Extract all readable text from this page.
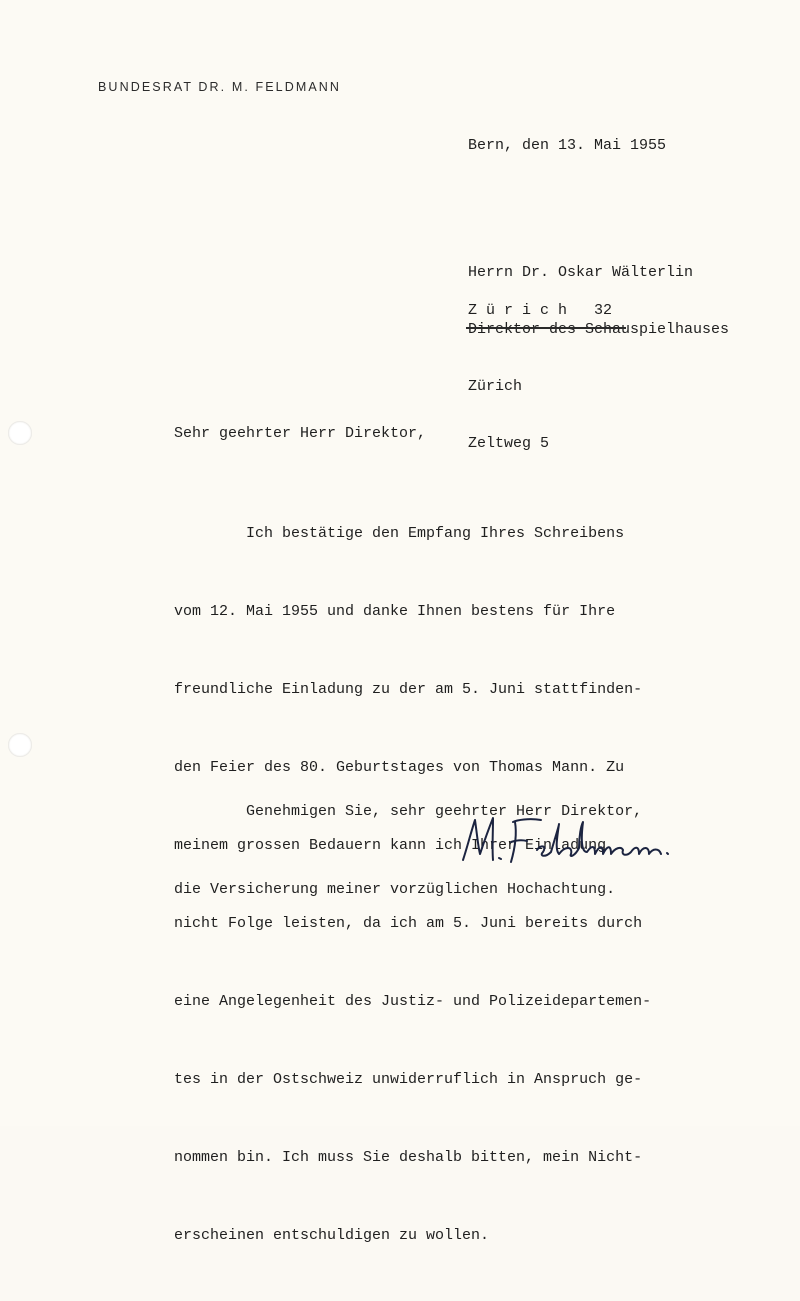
BUNDESRAT DR. M. FELDMANN
Bern, den 13. Mai 1955

Herrn Dr. Oskar Wälterlin

Direktor des Schauspielhauses

Zürich

Zeltweg 5

Z ü r i c h   32
Sehr geehrter Herr Direktor,

Ich bestätige den Empfang Ihres Schreibens

vom 12. Mai 1955 und danke Ihnen bestens für Ihre

freundliche Einladung zu der am 5. Juni stattfinden-

den Feier des 80. Geburtstages von Thomas Mann. Zu

meinem grossen Bedauern kann ich Ihrer Einladung

nicht Folge leisten, da ich am 5. Juni bereits durch

eine Angelegenheit des Justiz- und Polizeidepartemen-

tes in der Ostschweiz unwiderruflich in Anspruch ge-

nommen bin. Ich muss Sie deshalb bitten, mein Nicht-

erscheinen entschuldigen zu wollen.

Genehmigen Sie, sehr geehrter Herr Direktor,

die Versicherung meiner vorzüglichen Hochachtung.
